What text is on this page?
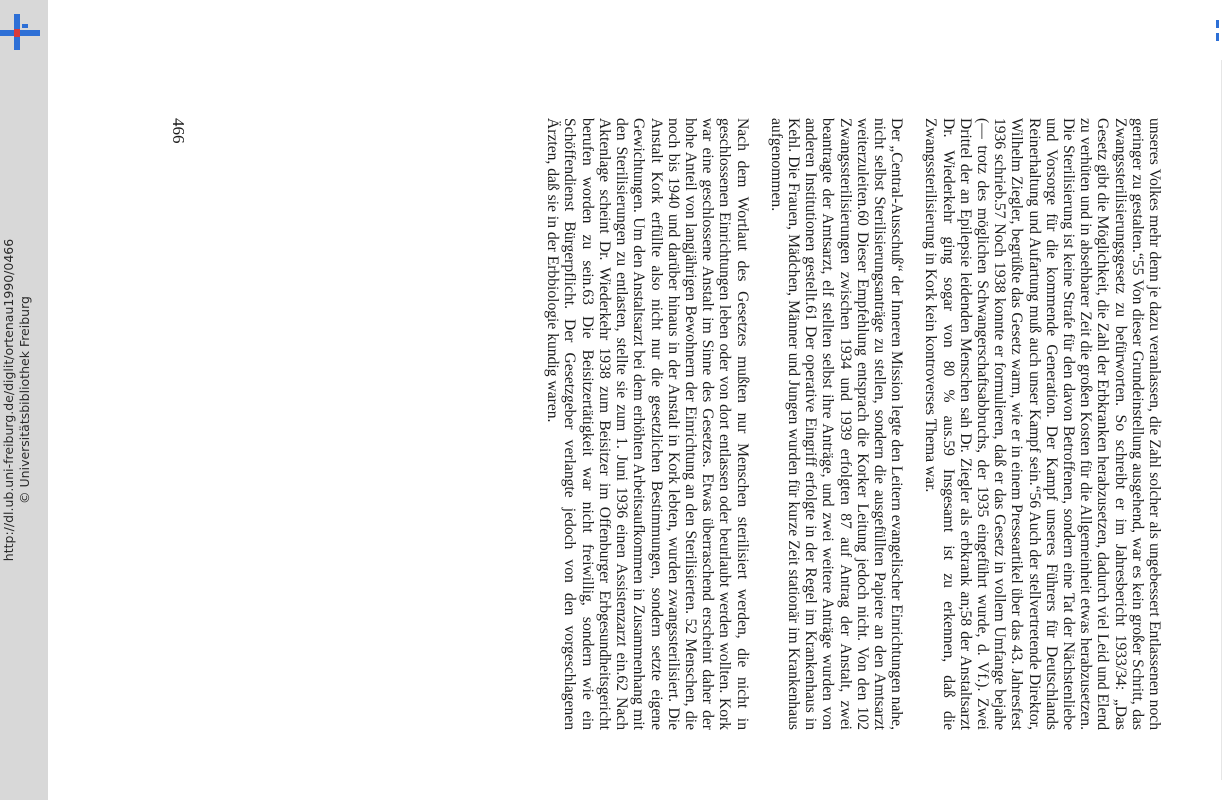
http://dl.ub.uni-freiburg.de/diglit/ortenau1990/0466 © Universitätsbibliothek Freiburg	unseres Volkes mehr denn je dazu veranlassen, die Zahl solcher als ungebessert Entlassenen noch geringer zu gestalten.“55 Von dieser Grundeinstellung ausgehend, war es kein großer Schritt, das Zwangssterilisierungsgesetz zu befürworten. So schreibt er im Jahresbericht 1933/34: „Das Gesetz gibt die Möglichkeit, die Zahl der Erbkranken herabzusetzen, dadurch viel Leid und Elend zu verhüten und in absehbarer Zeit die großen Kosten für die Allgemeinheit etwas herabzusetzen. Die Sterilisierung ist keine Strafe für den davon Betroffenen, sondern eine Tat der Nächstenliebe und Vorsorge für die kommende Generation. Der Kampf unseres Führers für Deutschlands Reinerhaltung und Aufartung muß auch unser Kampf sein.“56 Auch der stellvertretende Direktor, Wilhelm Ziegler, begrüßte das Gesetz warm, wie er in einem Presseartikel über das 43. Jahresfest 1936 schrieb.57 Noch 1938 konnte er formulieren, daß er das Gesetz in vollem Umfange bejahe (— trotz des möglichen Schwangerschaftsabbruchs, der 1935 eingeführt wurde, d. Vf.). Zwei Drittel der an Epilepsie leidenden Menschen sah Dr. Ziegler als erbkrank an;58 der Anstaltsarzt Dr. Wiederkehr ging sogar von 80 % aus.59 Insgesamt ist zu erkennen, daß die Zwangssterilisierung in Kork kein kontroverses Thema war.

Der „Central-Ausschuß“ der Inneren Mission legte den Leitern evangelischer Einrichtungen nahe, nicht selbst Sterilisierungsanträge zu stellen, sondern die ausgefüllten Papiere an den Amtsarzt weiterzuleiten.60 Dieser Empfehlung entsprach die Korker Leitung jedoch nicht. Von den 102 Zwangssterilisierungen zwischen 1934 und 1939 erfolgten 87 auf Antrag der Anstalt, zwei beantragte der Amtsarzt, elf stellten selbst ihre Anträge, und zwei weitere Anträge wurden von anderen Institutionen gestellt.61 Der operative Eingriff erfolgte in der Regel im Krankenhaus in Kehl. Die Frauen, Mädchen, Männer und Jungen wurden für kurze Zeit stationär im Krankenhaus aufgenommen.

Nach dem Wortlaut des Gesetzes mußten nur Menschen sterilisiert werden, die nicht in geschlossenen Einrichtungen leben oder von dort entlassen oder beurlaubt werden wollten. Kork war eine geschlossene Anstalt im Sinne des Gesetzes. Etwas überraschend erscheint daher der hohe Anteil von langjährigen Bewohnern der Einrichtung an den Sterilisierten. 52 Menschen, die noch bis 1940 und darüber hinaus in der Anstalt in Kork lebten, wurden zwangssterilisiert. Die Anstalt Kork erfüllte also nicht nur die gesetzlichen Bestimmungen, sondern setzte eigene Gewichtungen. Um den Anstaltsarzt bei dem erhöhten Arbeitsaufkommen in Zusammenhang mit den Sterilisierungen zu entlasten, stellte sie zum 1. Juni 1936 einen Assistenzarzt ein.62 Nach Aktenlage scheint Dr. Wiederkehr 1938 zum Beisitzer im Offenburger Erbgesundheitsgericht berufen worden zu sein.63 Die Beisitzertätigkeit war nicht freiwillig, sondern wie ein Schöffendienst Bürgerpflicht. Der Gesetzgeber verlangte jedoch von den vorgeschlagenen Ärzten, daß sie in der Erbbiologie kundig waren.

466
